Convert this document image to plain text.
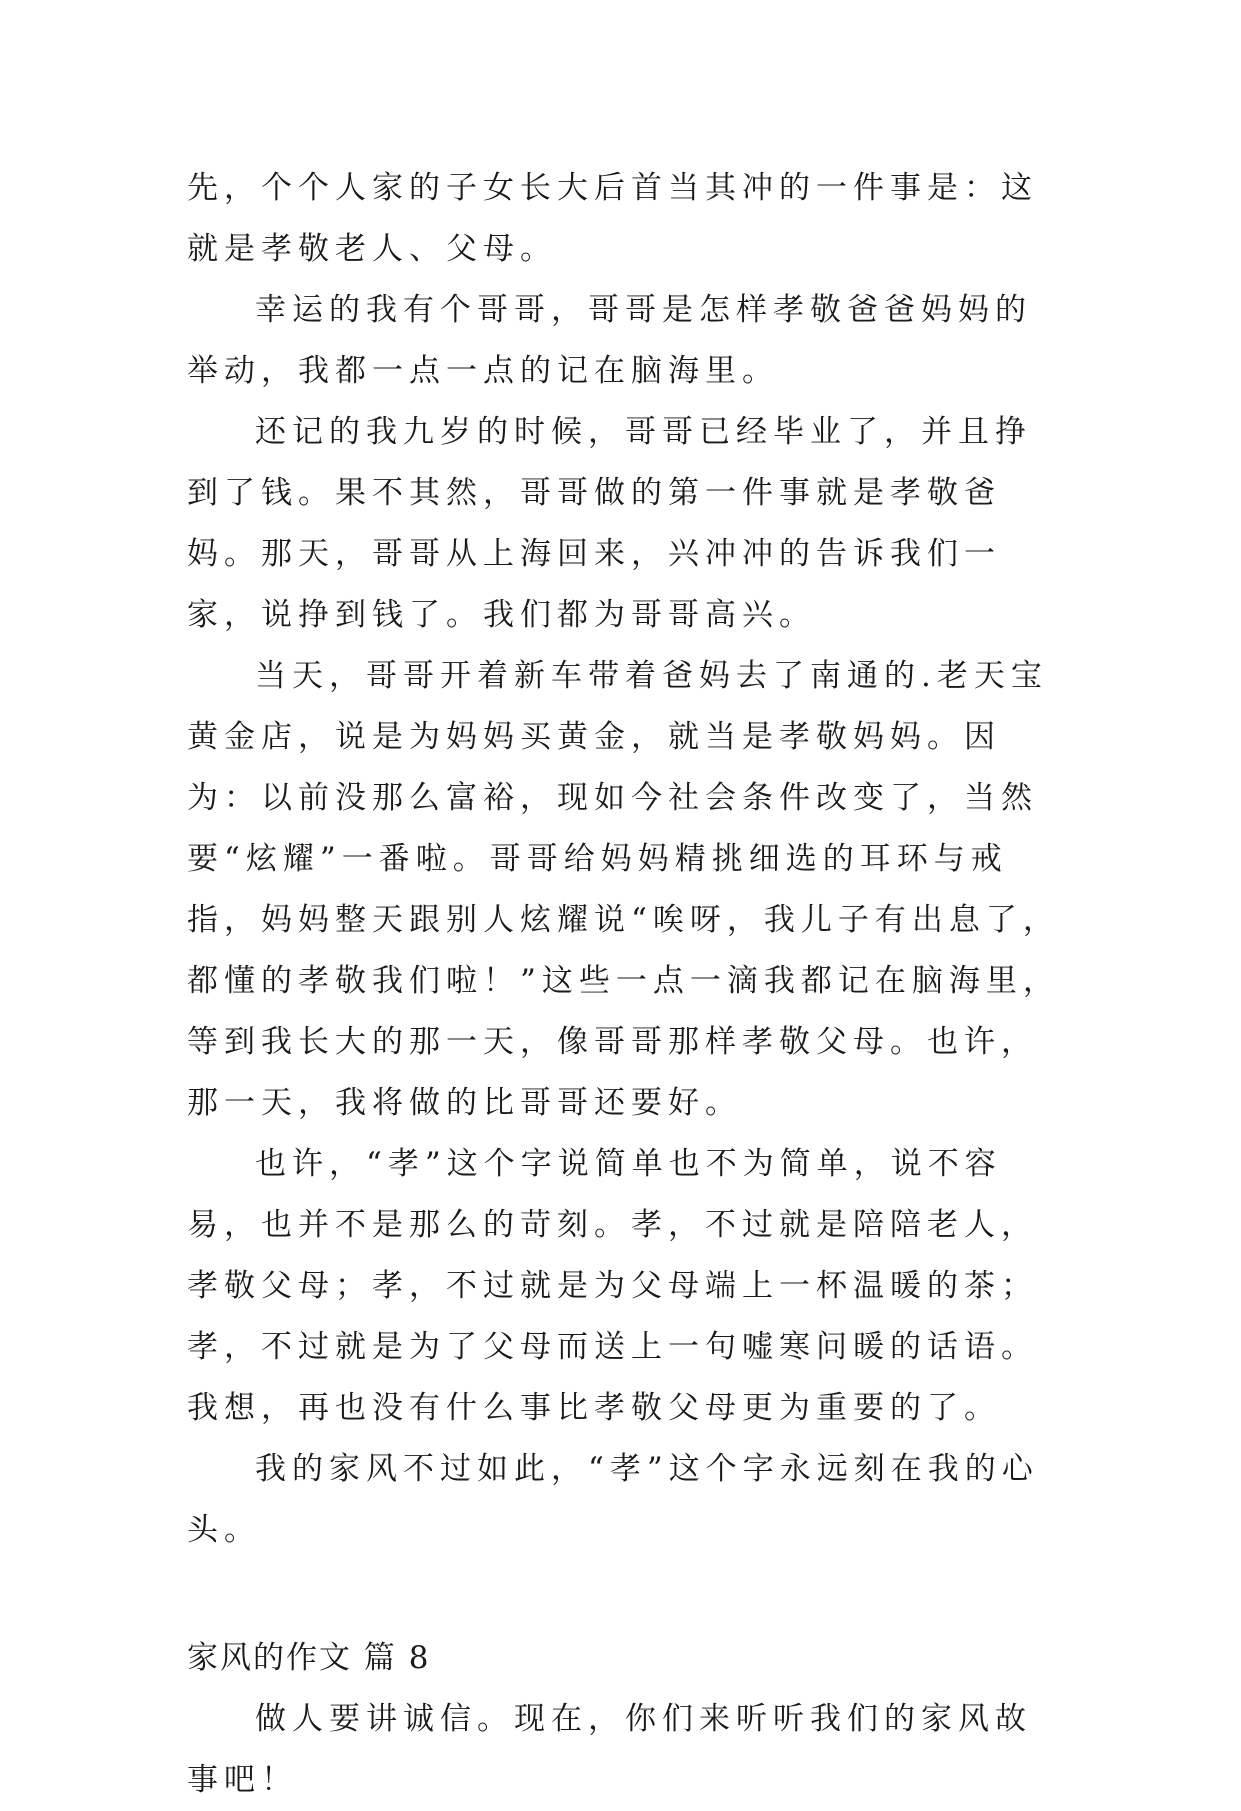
先，个个人家的子女长大后首当其冲的一件事是：这就是孝敬老人、父母。

幸运的我有个哥哥，哥哥是怎样孝敬爸爸妈妈的举动，我都一点一点的记在脑海里。

还记的我九岁的时候，哥哥已经毕业了，并且挣到了钱。果不其然，哥哥做的第一件事就是孝敬爸妈。那天，哥哥从上海回来，兴冲冲的告诉我们一家，说挣到钱了。我们都为哥哥高兴。

当天，哥哥开着新车带着爸妈去了南通的.老天宝黄金店，说是为妈妈买黄金，就当是孝敬妈妈。因为：以前没那么富裕，现如今社会条件改变了，当然要“炫耀”一番啦。哥哥给妈妈精挑细选的耳环与戒指，妈妈整天跟别人炫耀说“唉呀，我儿子有出息了，都懂的孝敬我们啦！”这些一点一滴我都记在脑海里，等到我长大的那一天，像哥哥那样孝敬父母。也许，那一天，我将做的比哥哥还要好。

也许，“孝”这个字说简单也不为简单，说不容易，也并不是那么的苛刻。孝，不过就是陪陪老人，孝敬父母；孝，不过就是为父母端上一杯温暖的茶；孝，不过就是为了父母而送上一句嘘寒问暖的话语。我想，再也没有什么事比孝敬父母更为重要的了。

我的家风不过如此，“孝”这个字永远刻在我的心头。

家风的作文 篇 8

做人要讲诚信。现在，你们来听听我们的家风故事吧！
